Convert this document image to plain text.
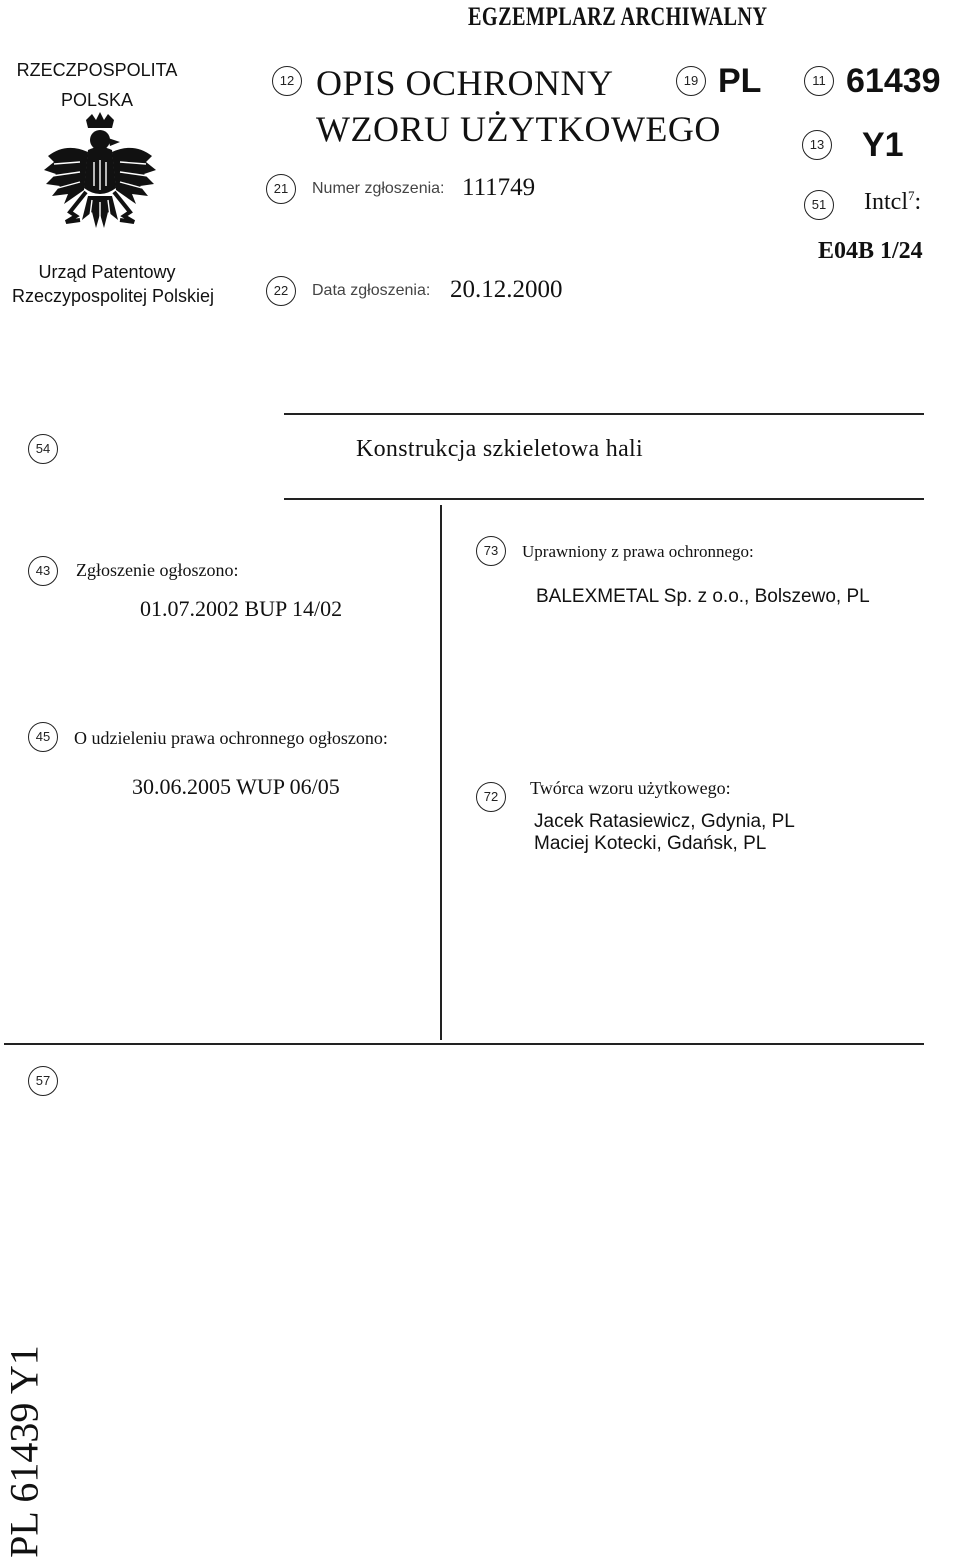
EGZEMPLARZ ARCHIWALNY
RZECZPOSPOLITA
POLSKA
Urząd Patentowy
Rzeczypospolitej Polskiej
12 OPIS OCHRONNY
WZORU UŻYTKOWEGO
19 PL	11 61439
13 Y1
21	Numer zgłoszenia: 111749
51	Intcl$^7$:
E04B 1/24
22	Data zgłoszenia: 20.12.2000
54	Konstrukcja szkieletowa hali
43	Zgłoszenie ogłoszono:
01.07.2002 BUP 14/02
73	Uprawniony z prawa ochronnego:
BALEXMETAL Sp. z o.o., Bolszewo, PL
45	O udzieleniu prawa ochronnego ogłoszono:
30.06.2005 WUP 06/05	72	Twórca wzoru użytkowego:
Jacek Ratasiewicz, Gdynia, PL
Maciej Kotecki, Gdańsk, PL
57
PL 61439 Y1
